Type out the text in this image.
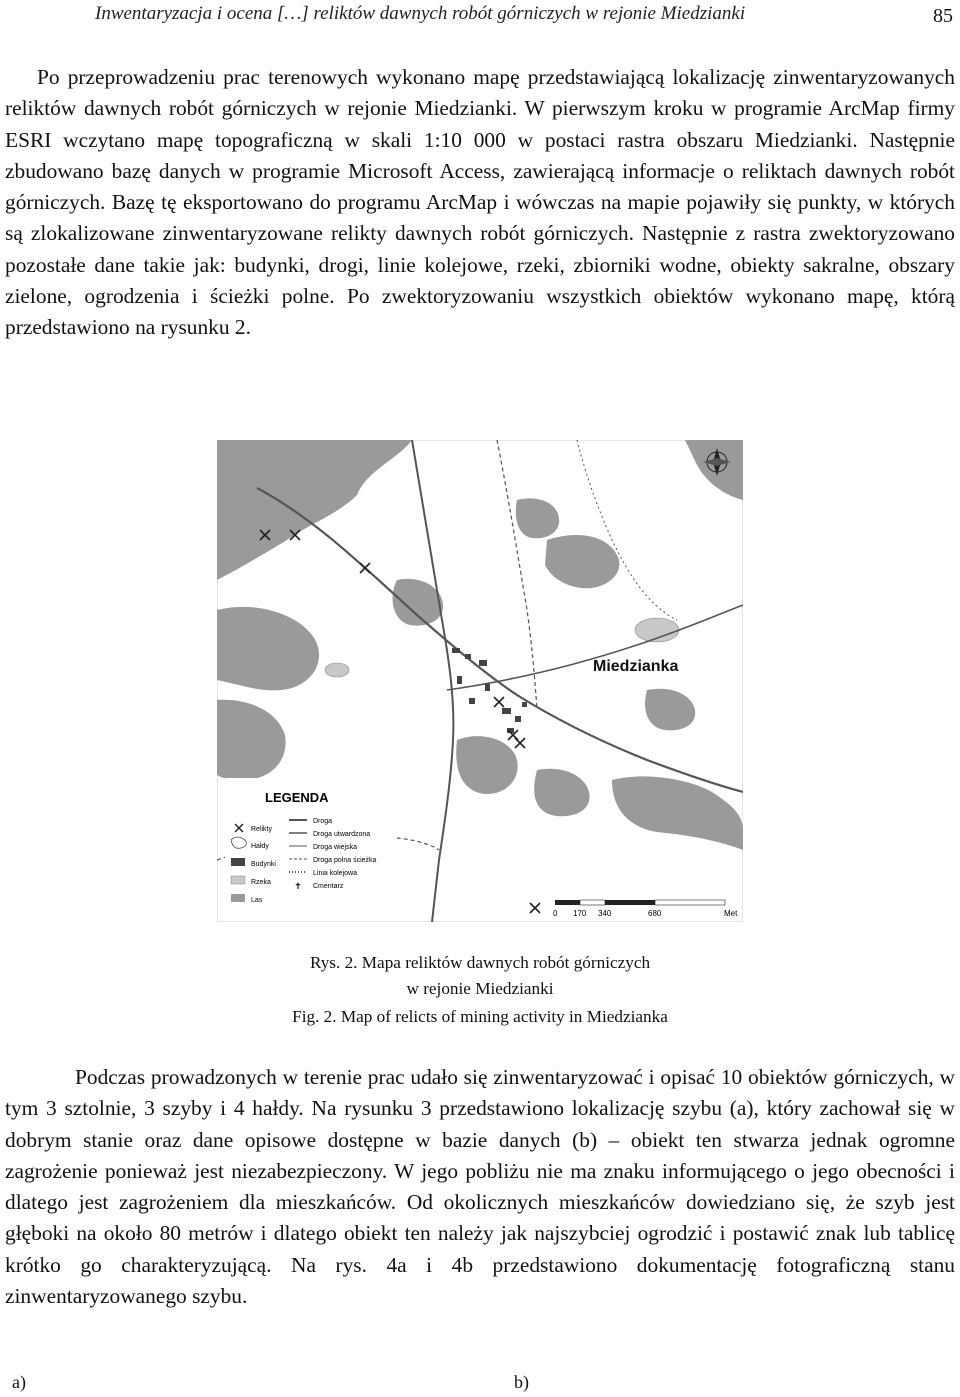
Inwentaryzacja i ocena […] reliktów dawnych robót górniczych w rejonie Miedzianki	85

Po przeprowadzeniu prac terenowych wykonano mapę przedstawiającą lokalizację zinwentaryzowanych reliktów dawnych robót górniczych w rejonie Miedzianki. W pierwszym kroku w programie ArcMap firmy ESRI wczytano mapę topograficzną w skali 1:10 000 w postaci rastra obszaru Miedzianki. Następnie zbudowano bazę danych w programie Microsoft Access, zawierającą informacje o reliktach dawnych robót górniczych. Bazę tę eksportowano do programu ArcMap i wówczas na mapie pojawiły się punkty, w których są zlokalizowane zinwentaryzowane relikty dawnych robót górniczych. Następnie z rastra zwektoryzowano pozostałe dane takie jak: budynki, drogi, linie kolejowe, rzeki, zbiorniki wodne, obiekty sakralne, obszary zielone, ogrodzenia i ścieżki polne. Po zwektoryzowaniu wszystkich obiektów wykonano mapę, którą przedstawiono na rysunku 2.

Miedzianka
LEGENDA
Relikty
Hałdy
Budynki
Rzeka
Las
✝
Droga
Droga utwardzona
Droga wiejska
Droga polna ścieżka
Linia kolejowa
Cmentarz
0 170 340	680	Met
Rys. 2. Mapa reliktów dawnych robót górniczych
w rejonie Miedzianki
Fig. 2. Map of relicts of mining activity in Miedzianka

Podczas prowadzonych w terenie prac udało się zinwentaryzować i opisać 10 obiektów górniczych, w tym 3 sztolnie, 3 szyby i 4 hałdy. Na rysunku 3 przedstawiono lokalizację szybu (a), który zachował się w dobrym stanie oraz dane opisowe dostępne w bazie danych (b) – obiekt ten stwarza jednak ogromne zagrożenie ponieważ jest niezabezpieczony. W jego pobliżu nie ma znaku informującego o jego obecności i dlatego jest zagrożeniem dla mieszkańców. Od okolicznych mieszkańców dowiedziano się, że szyb jest głęboki na około 80 metrów i dlatego obiekt ten należy jak najszybciej ogrodzić i postawić znak lub tablicę krótko go charakteryzującą. Na rys. 4a i 4b przedstawiono dokumentację fotograficzną stanu zinwentaryzowanego szybu.

a)	b)
